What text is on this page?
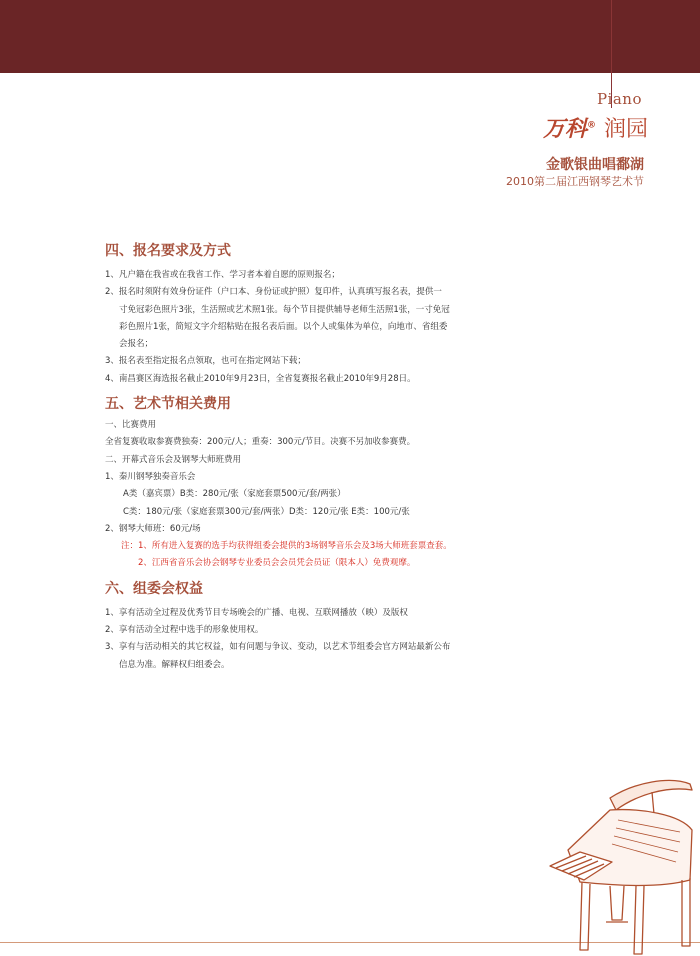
Piano
万科® 润园
金歌银曲唱鄱湖
2010第二届江西钢琴艺术节
四、报名要求及方式

1、凡户籍在我省或在我省工作、学习者本着自愿的原则报名；

2、报名时须附有效身份证件（户口本、身份证或护照）复印件，认真填写报名表，提供一

寸免冠彩色照片3张，生活照或艺术照1张。每个节目提供辅导老师生活照1张，一寸免冠

彩色照片1张，简短文字介绍粘贴在报名表后面。以个人或集体为单位，向地市、省组委

会报名；

3、报名表至指定报名点领取，也可在指定网站下载；

4、南昌赛区海选报名截止2010年9月23日，全省复赛报名截止2010年9月28日。

五、艺术节相关费用

一、比赛费用

全省复赛收取参赛费独奏：200元/人；重奏：300元/节目。决赛不另加收参赛费。

二、开幕式音乐会及钢琴大师班费用

1、秦川钢琴独奏音乐会

A类（嘉宾票）B类：280元/张（家庭套票500元/套/两张）

C类：180元/张（家庭套票300元/套/两张）D类：120元/张 E类：100元/张

2、钢琴大师班：60元/场

注：1、所有进入复赛的选手均获得组委会提供的3场钢琴音乐会及3场大师班套票查套。

2、江西省音乐会协会钢琴专业委员会会员凭会员证（限本人）免费观摩。

六、组委会权益

1、享有活动全过程及优秀节目专场晚会的广播、电视、互联网播放（映）及版权

2、享有活动全过程中选手的形象使用权。

3、享有与活动相关的其它权益，如有问题与争议、变动，以艺术节组委会官方网站最新公布

信息为准。解释权归组委会。
